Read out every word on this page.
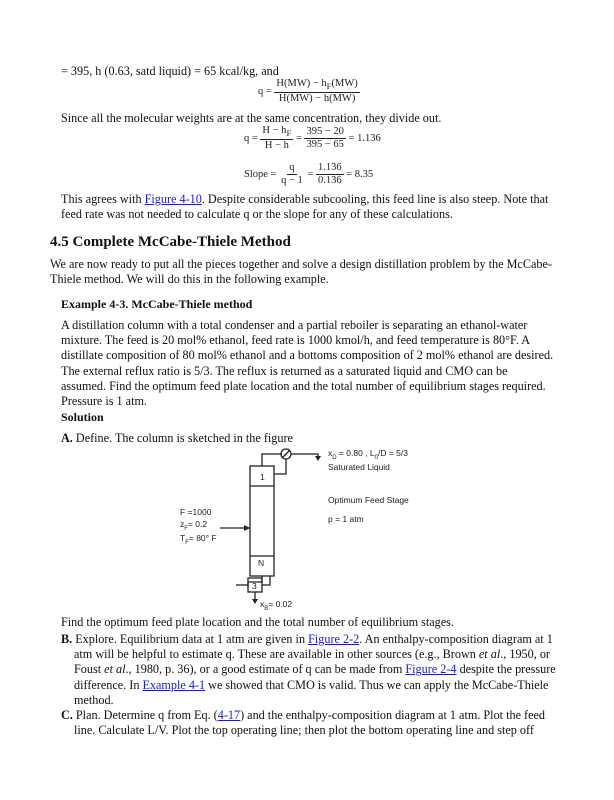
= 395, h (0.63, satd liquid) = 65 kcal/kg, and

$q = \frac{H(MW) - h_F(MW)}{H(MW) - h(MW)}$

Since all the molecular weights are at the same concentration, they divide out.

$q = \frac{H - h_F}{H - h} = \frac{395 - 20}{395 - 65} = 1.136$
Slope = $\frac{q}{q - 1} = \frac{1.136}{0.136} = 8.35$

This agrees with Figure 4-10. Despite considerable subcooling, this feed line is also steep. Note that feed rate was not needed to calculate q or the slope for any of these calculations.

4.5 Complete McCabe-Thiele Method

We are now ready to put all the pieces together and solve a design distillation problem by the McCabe-Thiele method. We will do this in the following example.

Example 4-3. McCabe-Thiele method

A distillation column with a total condenser and a partial reboiler is separating an ethanol-water mixture. The feed is 20 mol% ethanol, feed rate is 1000 kmol/h, and feed temperature is 80°F. A distillate composition of 80 mol% ethanol and a bottoms composition of 2 mol% ethanol are desired. The external reflux ratio is 5/3. The reflux is returned as a saturated liquid and CMO can be assumed. Find the optimum feed plate location and the total number of equilibrium stages required. Pressure is 1 atm.

Solution

A. Define. The column is sketched in the figure

1
N
3
$x_D = 0.80$ , $L_0/D = 5/3$
Saturated Liquid
Optimum Feed Stage
p = 1 atm
F =1000
$z_F= 0.2$
$T_F= 80^\circ$ F
$x_B= 0.02$

Find the optimum feed plate location and the total number of equilibrium stages.

B. Explore. Equilibrium data at 1 atm are given in Figure 2-2. An enthalpy-composition diagram at 1 atm will be helpful to estimate q. These are available in other sources (e.g., Brown et al., 1950, or Foust et al., 1980, p. 36), or a good estimate of q can be made from Figure 2-4 despite the pressure difference. In Example 4-1 we showed that CMO is valid. Thus we can apply the McCabe-Thiele method.

C. Plan. Determine q from Eq. (4-17) and the enthalpy-composition diagram at 1 atm. Plot the feed line. Calculate L/V. Plot the top operating line; then plot the bottom operating line and step off
